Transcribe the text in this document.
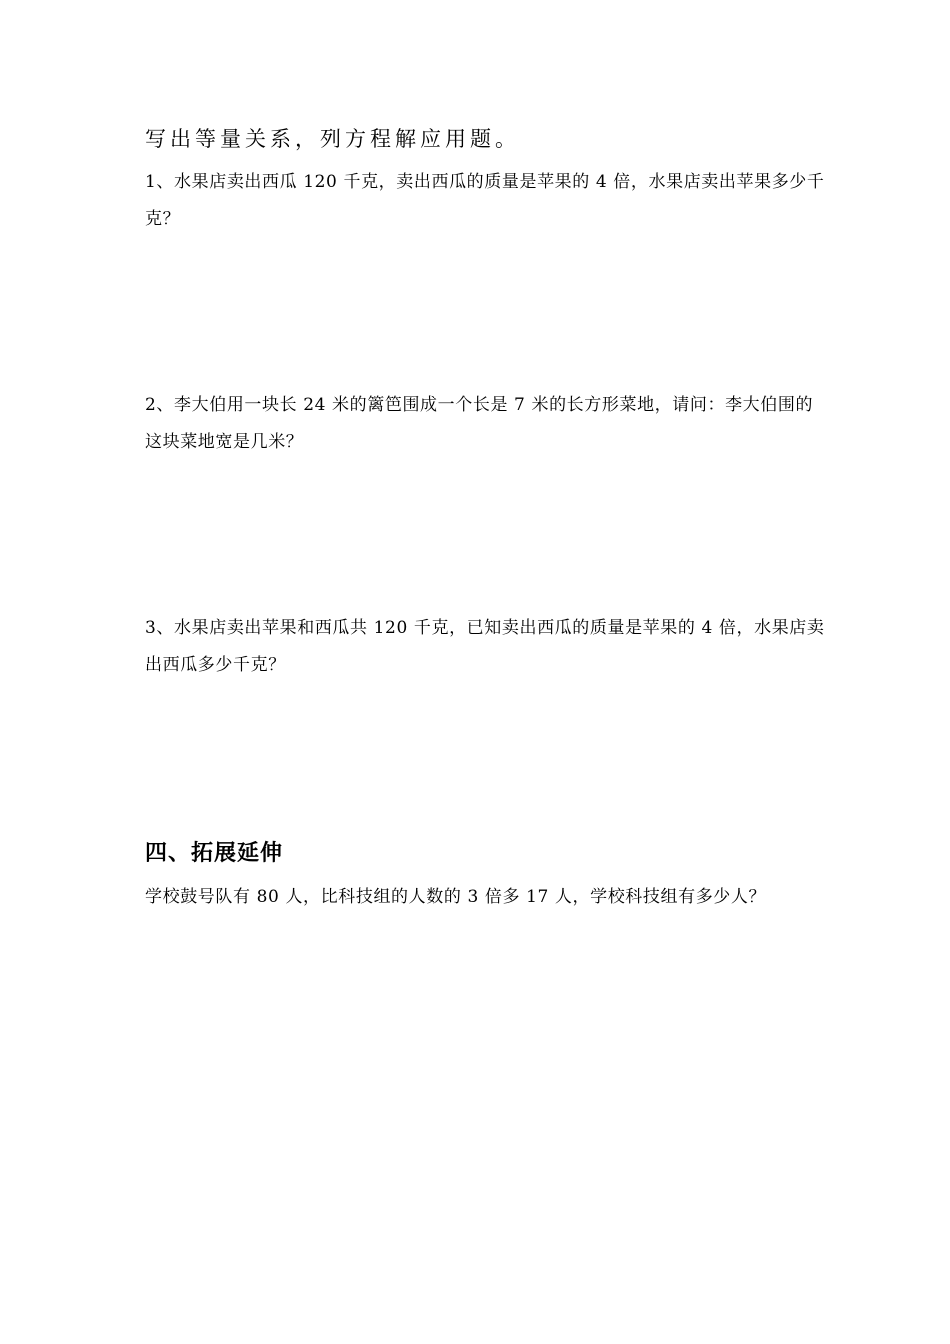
写出等量关系，列方程解应用题。

1、水果店卖出西瓜 120 千克，卖出西瓜的质量是苹果的 4 倍，水果店卖出苹果多少千克？

2、李大伯用一块长 24 米的篱笆围成一个长是 7 米的长方形菜地，请问：李大伯围的这块菜地宽是几米？

3、水果店卖出苹果和西瓜共 120 千克，已知卖出西瓜的质量是苹果的 4 倍，水果店卖出西瓜多少千克？

四、拓展延伸

学校鼓号队有 80 人，比科技组的人数的 3 倍多 17 人，学校科技组有多少人？
